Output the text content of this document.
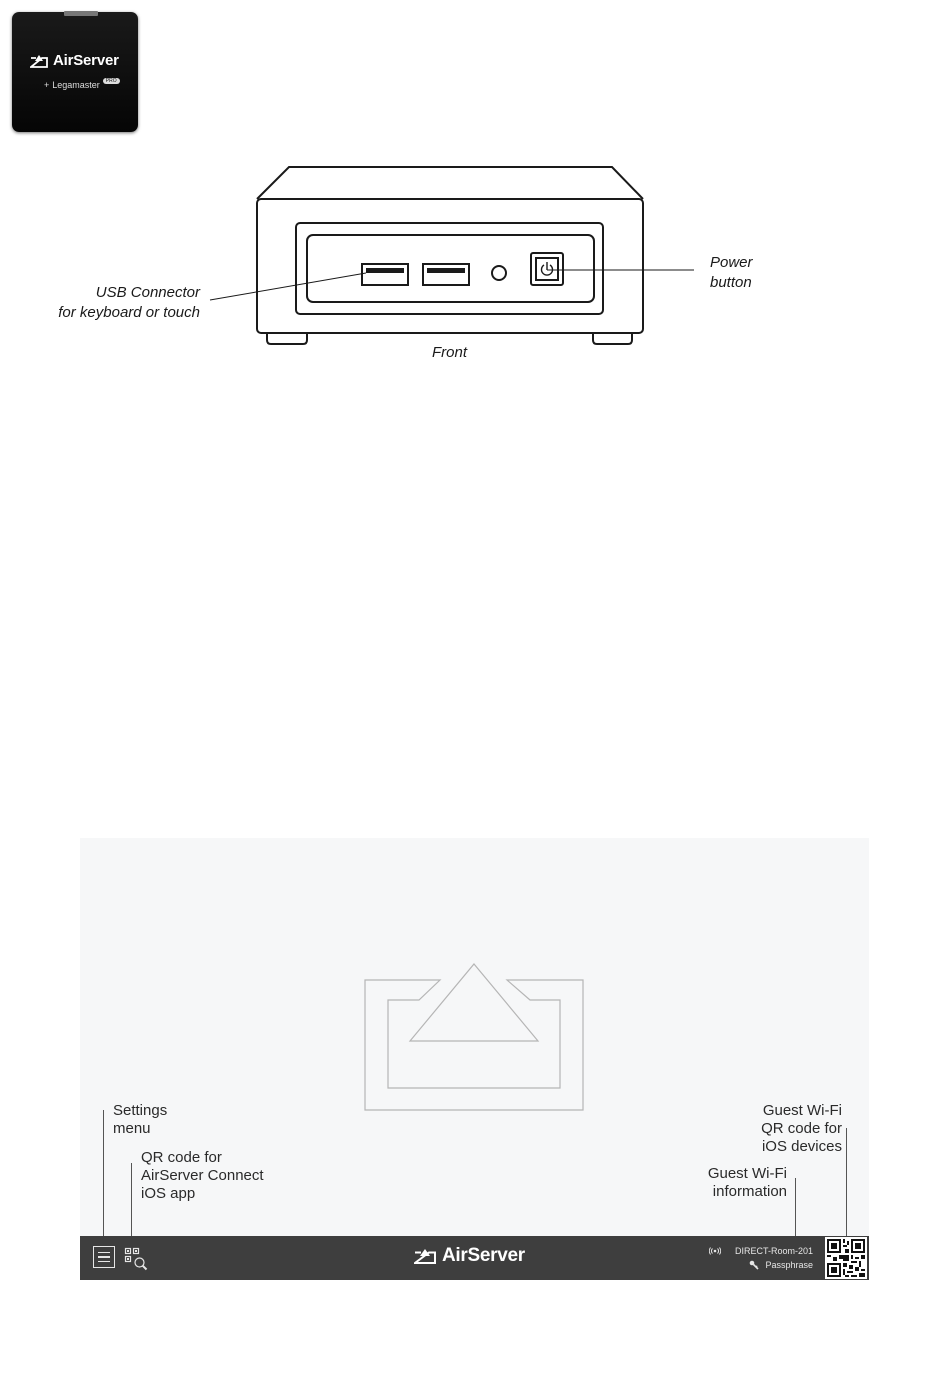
AirServer
+ Legamaster	PRO
USB Connector
for keyboard or touch
Power
button
Front
Settings
menu
QR code for
AirServer Connect
iOS app
Guest Wi-Fi
QR code for
iOS devices
Guest Wi-Fi
information
AirServer	DIRECT-Room-201
Passphrase
